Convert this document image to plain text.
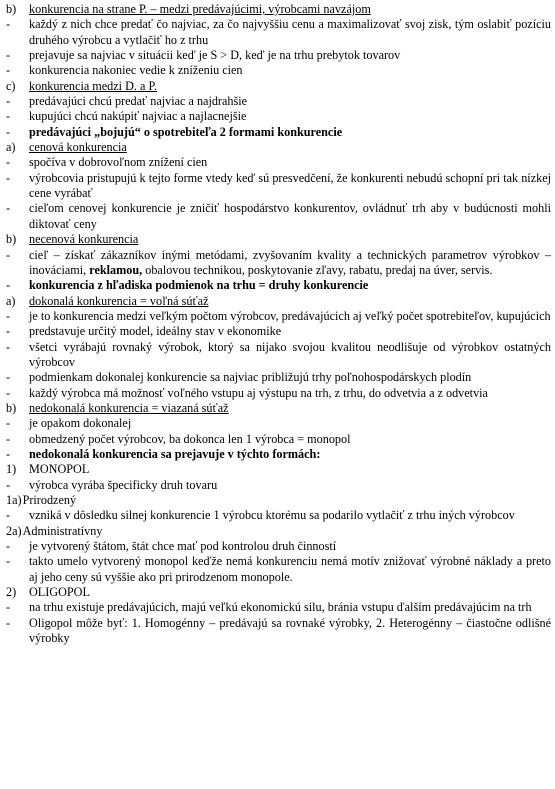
b)	konkurencia na strane P. – medzi predávajúcimi, výrobcami navzájom
-	každý z nich chce predať čo najviac, za čo najvyššiu cenu a maximalizovať svoj zisk, tým oslabiť pozíciu druhého výrobcu a vytlačiť ho z trhu
-	prejavuje sa najviac v situácii keď je S > D, keď je na trhu prebytok tovarov
-	konkurencia nakoniec vedie k zníženiu cien
c)	konkurencia medzi D. a P.
-	predávajúci chcú predať najviac a najdrahšie
-	kupujúci chcú nakúpiť najviac a najlacnejšie
-	predávajúci „bojujú“ o spotrebiteľa 2 formami konkurencie
a)	cenová konkurencia
-	spočíva v dobrovoľnom znížení cien
-	výrobcovia pristupujú k tejto forme vtedy keď sú presvedčení, že konkurenti nebudú schopní pri tak nízkej cene vyrábať
-	cieľom cenovej konkurencie je zničiť hospodárstvo konkurentov, ovládnuť trh aby v budúcnosti mohli diktovať ceny
b)	necenová konkurencia
-	cieľ – získať zákazníkov inými metódami, zvyšovaním kvality a technických parametrov výrobkov – inováciami, reklamou, obalovou technikou, poskytovanie zľavy, rabatu, predaj na úver, servis.
-	konkurencia z hľadiska podmienok na trhu = druhy konkurencie
a)	dokonalá konkurencia = voľná súťaž
-	je to konkurencia medzi veľkým počtom výrobcov, predávajúcich aj veľký počet spotrebiteľov, kupujúcich
-	predstavuje určitý model, ideálny stav v ekonomike
-	všetci vyrábajú rovnaký výrobok, ktorý sa nijako svojou kvalitou neodlišuje od výrobkov ostatných výrobcov
-	podmienkam dokonalej konkurencie sa najviac približujú trhy poľnohospodárskych plodín
-	každý výrobca má možnosť voľného vstupu aj výstupu na trh, z trhu, do odvetvia a z odvetvia
b)	nedokonalá konkurencia = viazaná súťaž
-	je opakom dokonalej
-	obmedzený počet výrobcov, ba dokonca len 1 výrobca = monopol
-	nedokonalá konkurencia sa prejavuje v týchto formách:
1)	MONOPOL
-	výrobca vyrába špecificky druh tovaru
1a) Prirodzený
-	vzniká v dôsledku silnej konkurencie 1 výrobcu ktorému sa podarilo vytlačiť z trhu iných výrobcov
2a) Administratívny
-	je vytvorený štátom, štát chce mať pod kontrolou druh činností
-	takto umelo vytvorený monopol keďže nemá konkurenciu nemá motív znižovať výrobné náklady a preto aj jeho ceny sú vyššie ako pri prirodzenom monopole.
2)	OLIGOPOL
-	na trhu existuje predávajúcich, majú veľkú ekonomickú silu, bránia vstupu ďalším predávajúcim na trh
-	Oligopol môže byť: 1. Homogénny – predávajú sa rovnaké výrobky, 2. Heterogénny – čiastočne odlišné výrobky
